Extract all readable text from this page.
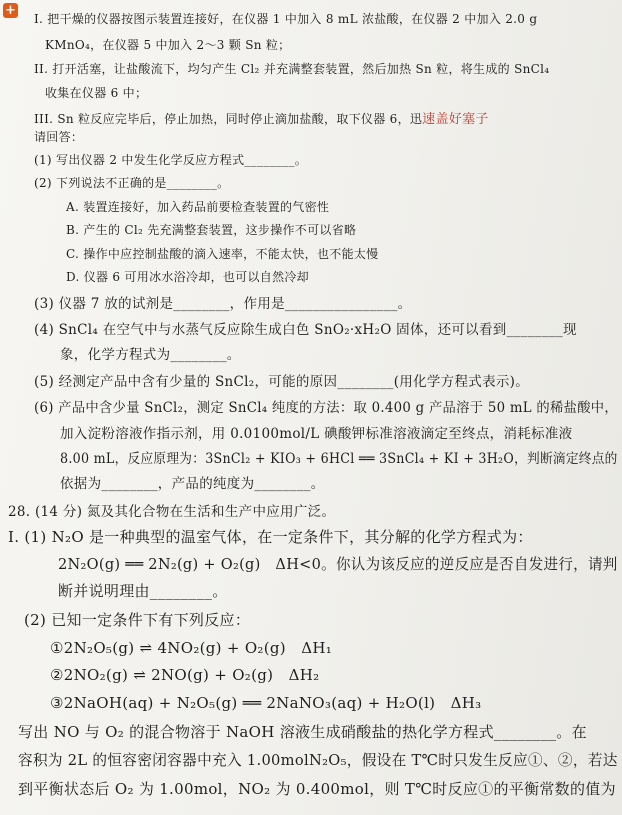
+
I. 把干燥的仪器按图示装置连接好，在仪器 1 中加入 8 mL 浓盐酸，在仪器 2 中加入 2.0 g
KMnO₄，在仪器 5 中加入 2～3 颗 Sn 粒；
II. 打开活塞，让盐酸流下，均匀产生 Cl₂ 并充满整套装置，然后加热 Sn 粒，将生成的 SnCl₄
收集在仪器 6 中；
III. Sn 粒反应完毕后，停止加热，同时停止滴加盐酸，取下仪器 6，迅速盖好塞子
请回答：
(1) 写出仪器 2 中发生化学反应方程式________。
(2) 下列说法不正确的是________。
A. 装置连接好，加入药品前要检查装置的气密性
B. 产生的 Cl₂ 先充满整套装置，这步操作不可以省略
C. 操作中应控制盐酸的滴入速率，不能太快，也不能太慢
D. 仪器 6 可用冰水浴冷却，也可以自然冷却
(3) 仪器 7 放的试剂是________，作用是________________。
(4) SnCl₄ 在空气中与水蒸气反应除生成白色 SnO₂·xH₂O 固体，还可以看到________现
象，化学方程式为________。
(5) 经测定产品中含有少量的 SnCl₂，可能的原因________(用化学方程式表示)。
(6) 产品中含少量 SnCl₂，测定 SnCl₄ 纯度的方法：取 0.400 g 产品溶于 50 mL 的稀盐酸中，
加入淀粉溶液作指示剂，用 0.0100mol/L 碘酸钾标准溶液滴定至终点，消耗标准液
8.00 mL，反应原理为：3SnCl₂ + KIO₃ + 6HCl ══ 3SnCl₄ + KI + 3H₂O，判断滴定终点的
依据为________，产品的纯度为________。
28. (14 分) 氮及其化合物在生活和生产中应用广泛。
I. (1) N₂O 是一种典型的温室气体，在一定条件下，其分解的化学方程式为：
2N₂O(g) ══ 2N₂(g) + O₂(g)　ΔH<0。你认为该反应的逆反应是否自发进行，请判
断并说明理由________。
(2) 已知一定条件下有下列反应：
①2N₂O₅(g) ⇌ 4NO₂(g) + O₂(g)　ΔH₁
②2NO₂(g) ⇌ 2NO(g) + O₂(g)　ΔH₂
③2NaOH(aq) + N₂O₅(g) ══ 2NaNO₃(aq) + H₂O(l)　ΔH₃
写出 NO 与 O₂ 的混合物溶于 NaOH 溶液生成硝酸盐的热化学方程式________。在
容积为 2L 的恒容密闭容器中充入 1.00molN₂O₅，假设在 T℃时只发生反应①、②，若达
到平衡状态后 O₂ 为 1.00mol，NO₂ 为 0.400mol，则 T℃时反应①的平衡常数的值为
